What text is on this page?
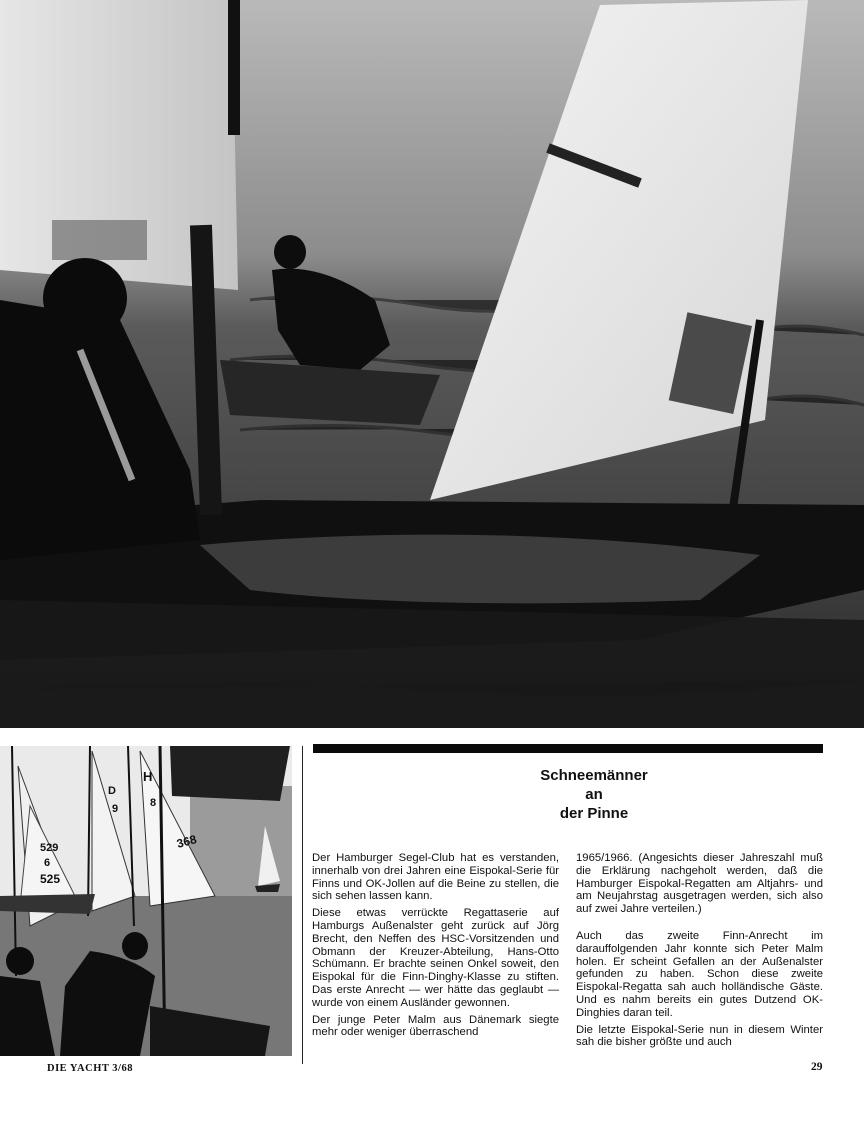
529
6
525
368
H
D
8
9
Schneemänner
an
der Pinne

Der Hamburger Segel-Club hat es verstanden, innerhalb von drei Jahren eine Eispokal-Serie für Finns und OK-Jollen auf die Beine zu stellen, die sich sehen lassen kann.

Diese etwas verrückte Regattaserie auf Hamburgs Außenalster geht zurück auf Jörg Brecht, den Neffen des HSC-Vorsitzenden und Obmann der Kreuzer-Abteilung, Hans-Otto Schümann. Er brachte seinen Onkel soweit, den Eispokal für die Finn-Dinghy-Klasse zu stiften. Das erste Anrecht — wer hätte das geglaubt — wurde von einem Ausländer gewonnen.

Der junge Peter Malm aus Dänemark siegte mehr oder weniger überraschend

1965/1966. (Angesichts dieser Jahreszahl muß die Erklärung nachgeholt werden, daß die Hamburger Eispokal-Regatten am Altjahrs- und am Neujahrstag ausgetragen werden, sich also auf zwei Jahre verteilen.)

Auch das zweite Finn-Anrecht im darauffolgenden Jahr konnte sich Peter Malm holen. Er scheint Gefallen an der Außenalster gefunden zu haben. Schon diese zweite Eispokal-Regatta sah auch holländische Gäste. Und es nahm bereits ein gutes Dutzend OK-Dinghies daran teil.

Die letzte Eispokal-Serie nun in diesem Winter sah die bisher größte und auch

DIE YACHT 3/68	29
